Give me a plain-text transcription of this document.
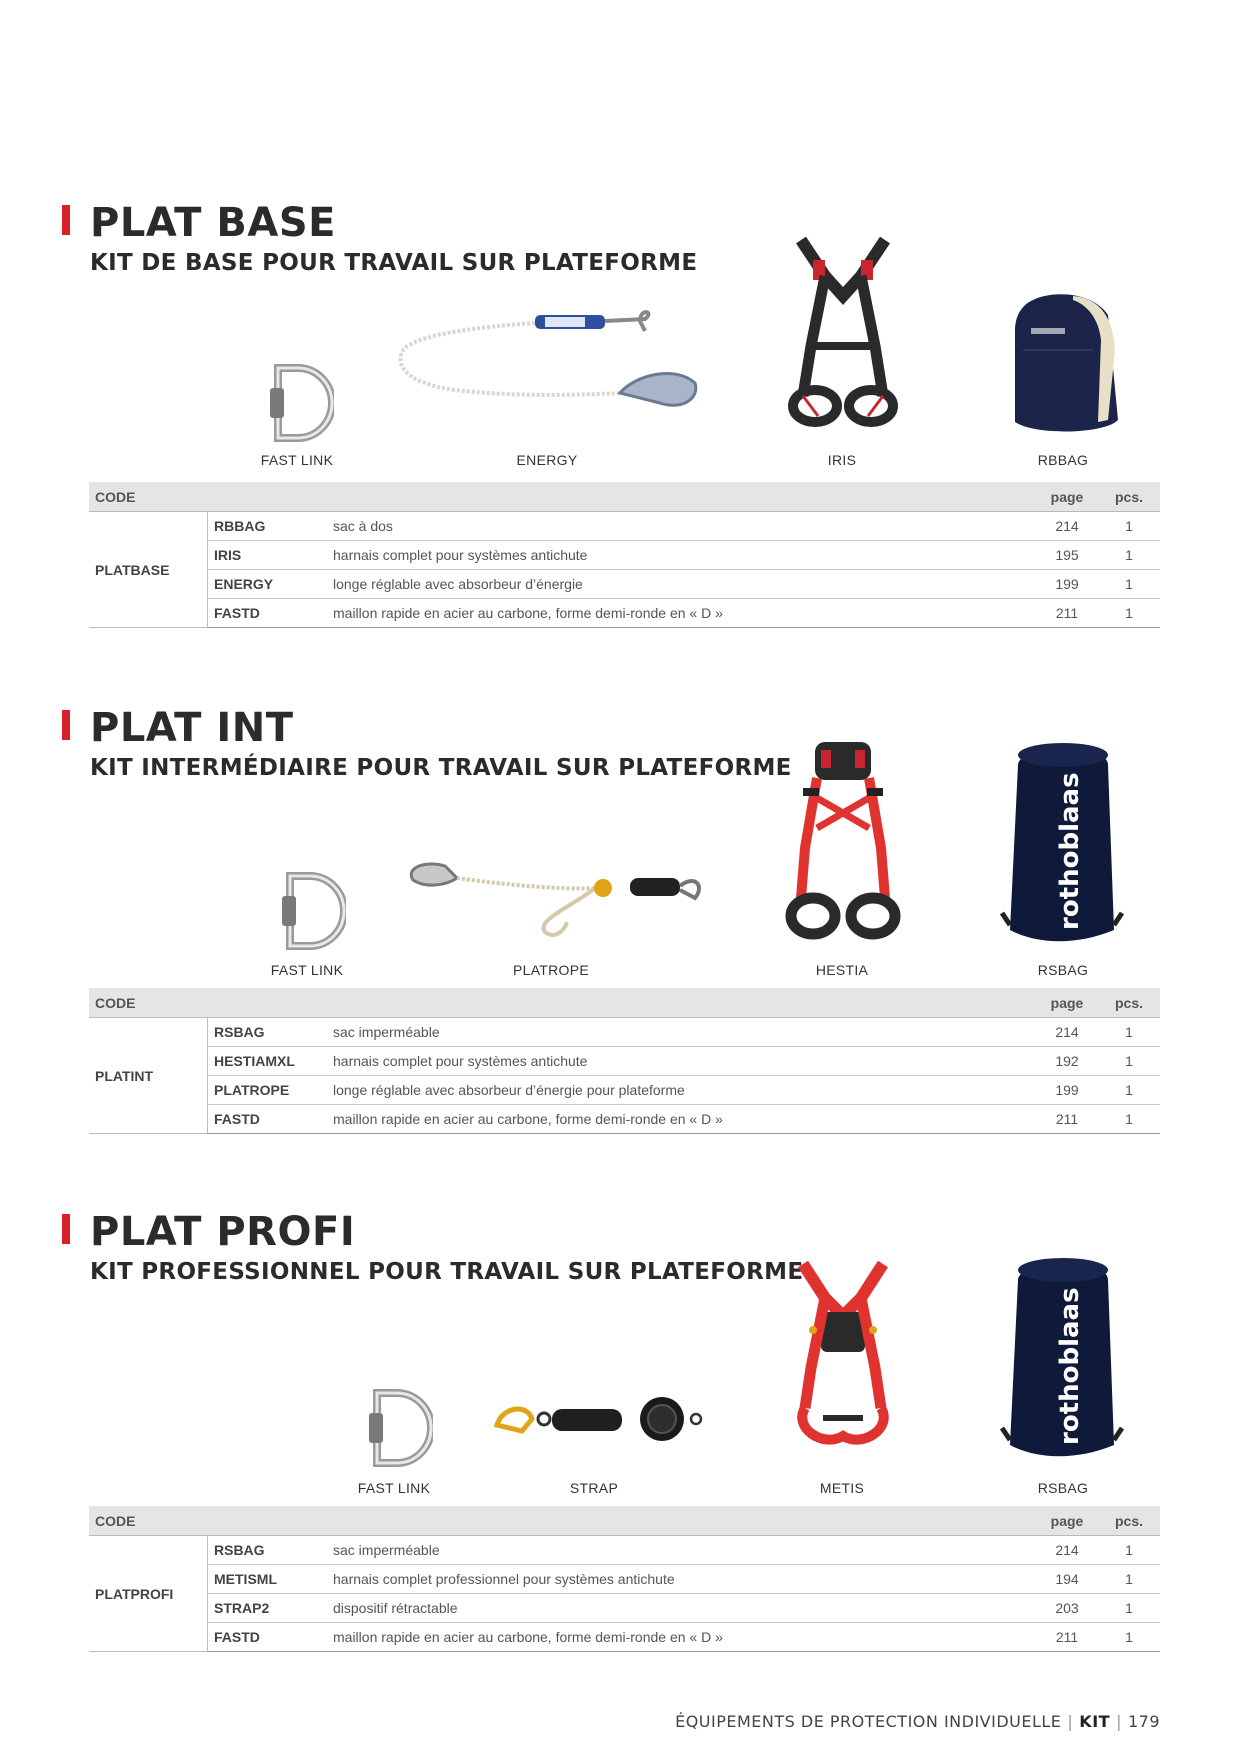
PLAT BASE
KIT DE BASE POUR TRAVAIL SUR PLATEFORME
FAST LINK	ENERGY	IRIS	RBBAG
CODE			page	pcs.
PLATBASE	RBBAG	sac à dos	214	1
	IRIS	harnais complet pour systèmes antichute	195	1
	ENERGY	longe réglable avec absorbeur d’énergie	199	1
	FASTD	maillon rapide en acier au carbone, forme demi-ronde en « D »	211	1
PLAT INT
KIT INTERMÉDIAIRE POUR TRAVAIL SUR PLATEFORME
FAST LINK	PLATROPE	HESTIA
rothoblaas
RSBAG
CODE			page	pcs.
PLATINT	RSBAG	sac imperméable	214	1
	HESTIAMXL	harnais complet pour systèmes antichute	192	1
	PLATROPE	longe réglable avec absorbeur d’énergie pour plateforme	199	1
	FASTD	maillon rapide en acier au carbone, forme demi-ronde en « D »	211	1
PLAT PROFI
KIT PROFESSIONNEL POUR TRAVAIL SUR PLATEFORME
FAST LINK	STRAP	METIS
rothoblaas
RSBAG
CODE			page	pcs.
PLATPROFI	RSBAG	sac imperméable	214	1
	METISML	harnais complet professionnel pour systèmes antichute	194	1
	STRAP2	dispositif rétractable	203	1
	FASTD	maillon rapide en acier au carbone, forme demi-ronde en « D »	211	1
ÉQUIPEMENTS DE PROTECTION INDIVIDUELLE | KIT | 179
